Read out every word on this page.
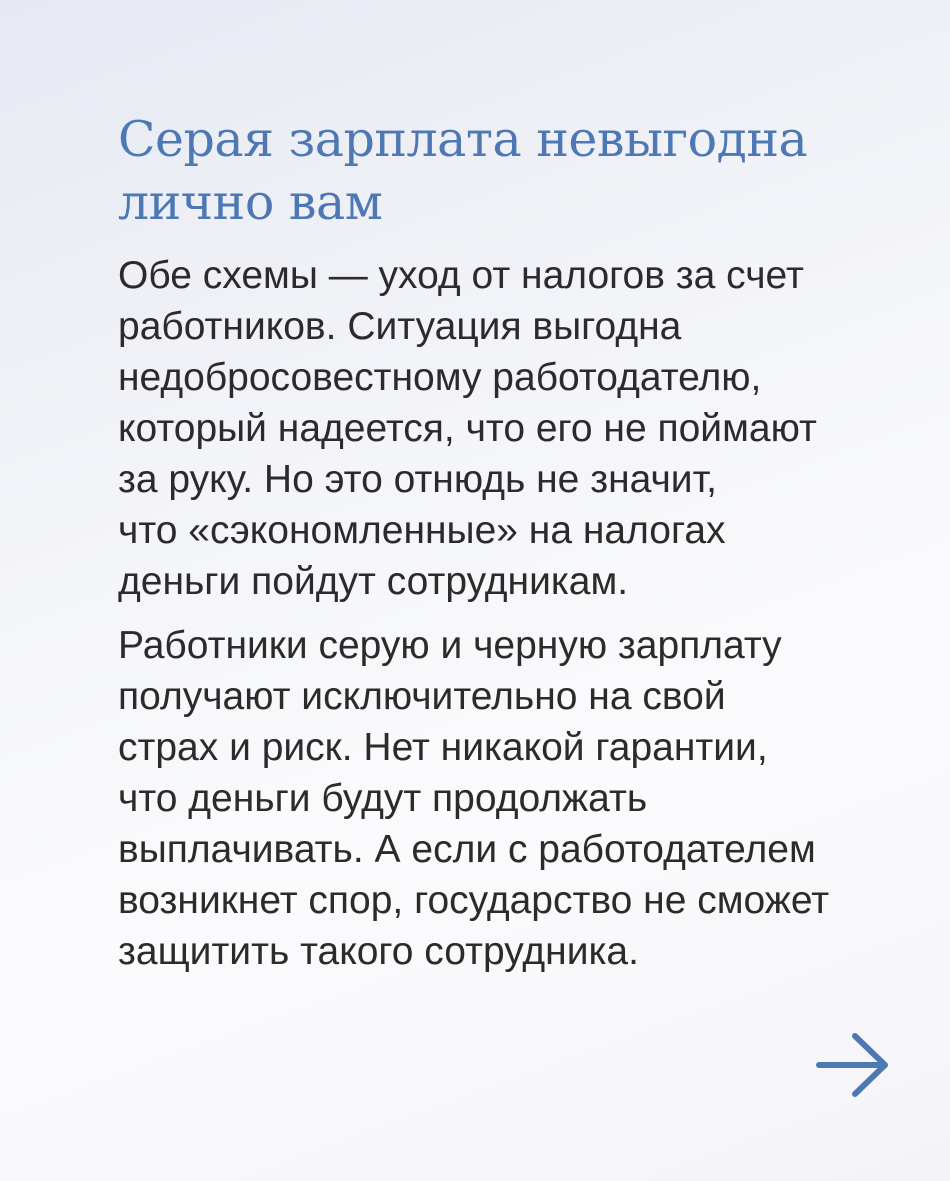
Серая зарплата невыгодна
лично вам

Обе схемы — уход от налогов за счет
работников. Ситуация выгодна
недобросовестному работодателю,
который надеется, что его не поймают
за руку. Но это отнюдь не значит,
что «сэкономленные» на налогах
деньги пойдут сотрудникам.

Работники серую и черную зарплату
получают исключительно на свой
страх и риск. Нет никакой гарантии,
что деньги будут продолжать
выплачивать. А если с работодателем
возникнет спор, государство не сможет
защитить такого сотрудника.
